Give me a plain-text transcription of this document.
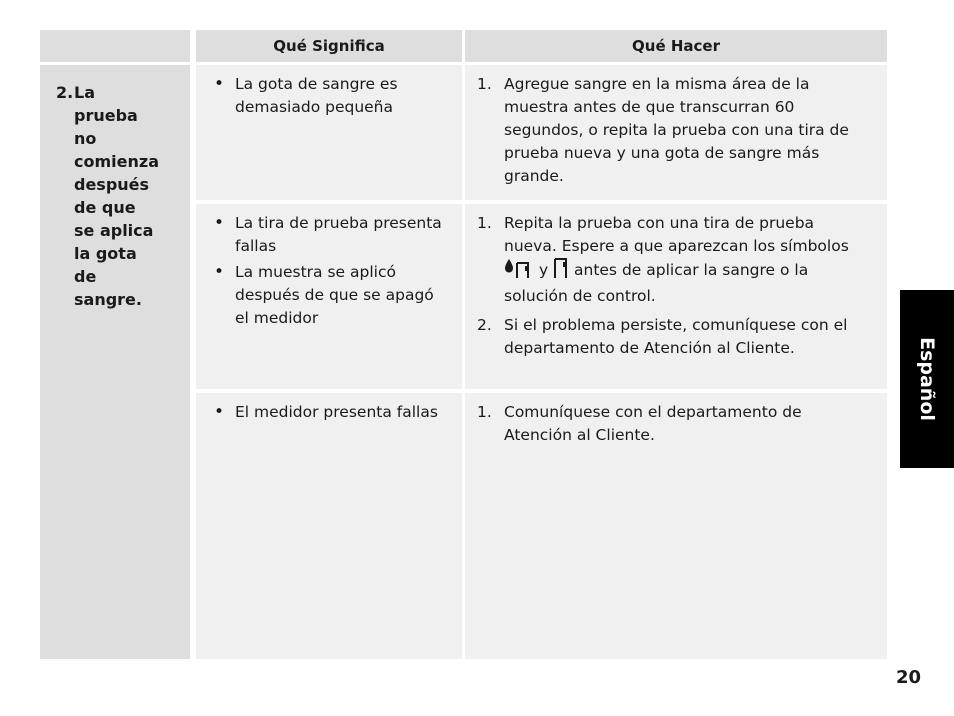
Qué Significa	Qué Hacer
2. La prueba no comienza después de que se aplica la gota de sangre.
• La gota de sangre es demasiado pequeña
1. Agregue sangre en la misma área de la muestra antes de que transcurran 60 segundos, o repita la prueba con una tira de prueba nueva y una gota de sangre más grande.
• La tira de prueba presenta fallas
• La muestra se aplicó después de que se apagó el medidor
1. Repita la prueba con una tira de prueba nueva. Espere a que aparezcan los símbolos  y antes de aplicar la sangre o la solución de control.
2. Si el problema persiste, comuníquese con el departamento de Atención al Cliente.
• El medidor presenta fallas	1. Comuníquese con el departamento de Atención al Cliente.
Español
20
